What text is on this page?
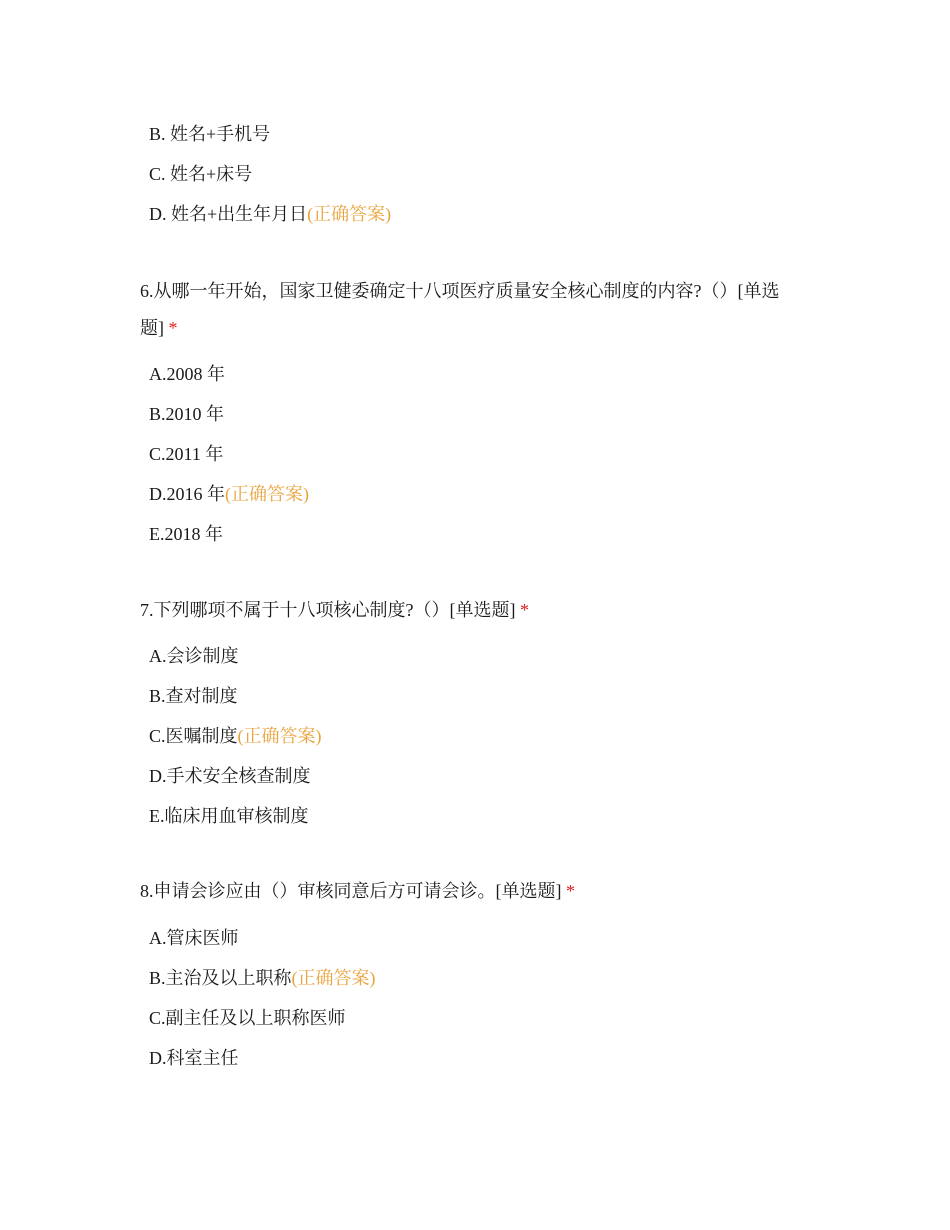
B. 姓名+手机号
C. 姓名+床号
D. 姓名+出生年月日(正确答案)
6.从哪一年开始，国家卫健委确定十八项医疗质量安全核心制度的内容?（）[单选
题] *
A.2008 年
B.2010 年
C.2011 年
D.2016 年(正确答案)
E.2018 年
7.下列哪项不属于十八项核心制度?（）[单选题] *
A.会诊制度
B.查对制度
C.医嘱制度(正确答案)
D.手术安全核查制度
E.临床用血审核制度
8.申请会诊应由（）审核同意后方可请会诊。[单选题] *
A.管床医师
B.主治及以上职称(正确答案)
C.副主任及以上职称医师
D.科室主任
